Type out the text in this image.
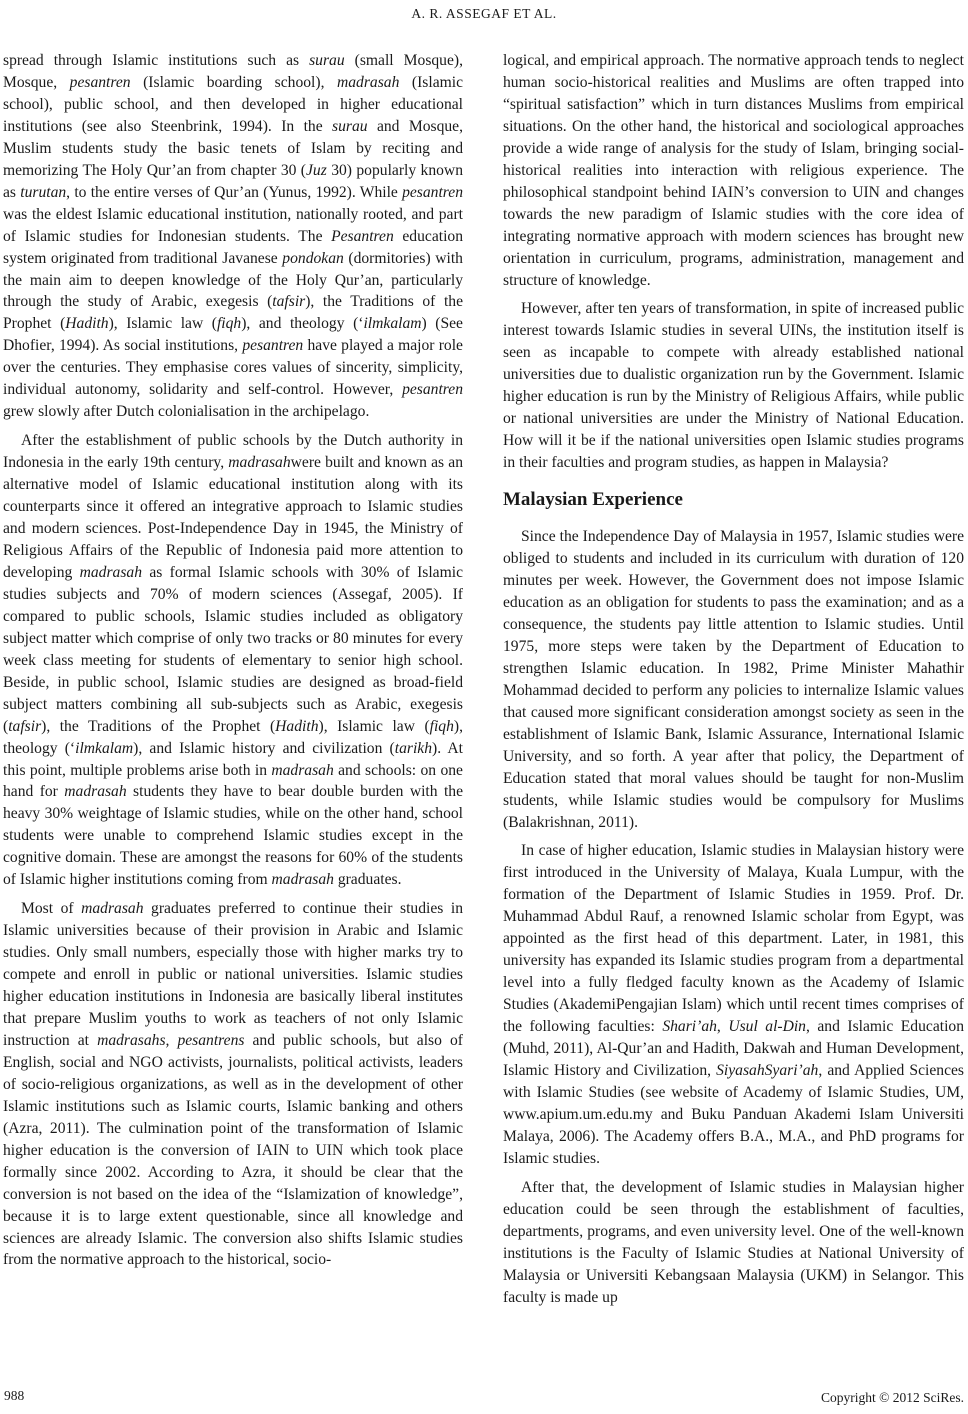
A. R. ASSEGAF ET AL.

spread through Islamic institutions such as surau (small Mosque), Mosque, pesantren (Islamic boarding school), madrasah (Islamic school), public school, and then developed in higher educational institutions (see also Steenbrink, 1994). In the surau and Mosque, Muslim students study the basic tenets of Islam by reciting and memorizing The Holy Qur’an from chapter 30 (Juz 30) popularly known as turutan, to the entire verses of Qur’an (Yunus, 1992). While pesantren was the eldest Islamic educational institution, nationally rooted, and part of Islamic studies for Indonesian students. The Pesantren education system originated from traditional Javanese pondokan (dormitories) with the main aim to deepen knowledge of the Holy Qur’an, particularly through the study of Arabic, exegesis (tafsir), the Traditions of the Prophet (Hadith), Islamic law (fiqh), and theology (‘ilmkalam) (See Dhofier, 1994). As social institutions, pesantren have played a major role over the centuries. They emphasise cores values of sincerity, simplicity, individual autonomy, solidarity and self-control. However, pesantren grew slowly after Dutch colonialisation in the archipelago.

After the establishment of public schools by the Dutch authority in Indonesia in the early 19th century, madrasahwere built and known as an alternative model of Islamic educational institution along with its counterparts since it offered an integrative approach to Islamic studies and modern sciences. Post-Independence Day in 1945, the Ministry of Religious Affairs of the Republic of Indonesia paid more attention to developing madrasah as formal Islamic schools with 30% of Islamic studies subjects and 70% of modern sciences (Assegaf, 2005). If compared to public schools, Islamic studies included as obligatory subject matter which comprise of only two tracks or 80 minutes for every week class meeting for students of elementary to senior high school. Beside, in public school, Islamic studies are designed as broad-field subject matters combining all sub-subjects such as Arabic, exegesis (tafsir), the Traditions of the Prophet (Hadith), Islamic law (fiqh), theology (‘ilmkalam), and Islamic history and civilization (tarikh). At this point, multiple problems arise both in madrasah and schools: on one hand for madrasah students they have to bear double burden with the heavy 30% weightage of Islamic studies, while on the other hand, school students were unable to comprehend Islamic studies except in the cognitive domain. These are amongst the reasons for 60% of the students of Islamic higher institutions coming from madrasah graduates.

Most of madrasah graduates preferred to continue their studies in Islamic universities because of their provision in Arabic and Islamic studies. Only small numbers, especially those with higher marks try to compete and enroll in public or national universities. Islamic studies higher education institutions in Indonesia are basically liberal institutes that prepare Muslim youths to work as teachers of not only Islamic instruction at madrasahs, pesantrens and public schools, but also of English, social and NGO activists, journalists, political activists, leaders of socio-religious organizations, as well as in the development of other Islamic institutions such as Islamic courts, Islamic banking and others (Azra, 2011). The culmination point of the transformation of Islamic higher education is the conversion of IAIN to UIN which took place formally since 2002. According to Azra, it should be clear that the conversion is not based on the idea of the “Islamization of knowledge”, because it is to large extent questionable, since all knowledge and sciences are already Islamic. The conversion also shifts Islamic studies from the normative approach to the historical, socio-

logical, and empirical approach. The normative approach tends to neglect human socio-historical realities and Muslims are often trapped into “spiritual satisfaction” which in turn distances Muslims from empirical situations. On the other hand, the historical and sociological approaches provide a wide range of analysis for the study of Islam, bringing social-historical realities into interaction with religious experience. The philosophical standpoint behind IAIN’s conversion to UIN and changes towards the new paradigm of Islamic studies with the core idea of integrating normative approach with modern sciences has brought new orientation in curriculum, programs, administration, management and structure of knowledge.

However, after ten years of transformation, in spite of increased public interest towards Islamic studies in several UINs, the institution itself is seen as incapable to compete with already established national universities due to dualistic organization run by the Government. Islamic higher education is run by the Ministry of Religious Affairs, while public or national universities are under the Ministry of National Education. How will it be if the national universities open Islamic studies programs in their faculties and program studies, as happen in Malaysia?

Malaysian Experience

Since the Independence Day of Malaysia in 1957, Islamic studies were obliged to students and included in its curriculum with duration of 120 minutes per week. However, the Government does not impose Islamic education as an obligation for students to pass the examination; and as a consequence, the students pay little attention to Islamic studies. Until 1975, more steps were taken by the Department of Education to strengthen Islamic education. In 1982, Prime Minister Mahathir Mohammad decided to perform any policies to internalize Islamic values that caused more significant consideration amongst society as seen in the establishment of Islamic Bank, Islamic Assurance, International Islamic University, and so forth. A year after that policy, the Department of Education stated that moral values should be taught for non-Muslim students, while Islamic studies would be compulsory for Muslims (Balakrishnan, 2011).

In case of higher education, Islamic studies in Malaysian history were first introduced in the University of Malaya, Kuala Lumpur, with the formation of the Department of Islamic Studies in 1959. Prof. Dr. Muhammad Abdul Rauf, a renowned Islamic scholar from Egypt, was appointed as the first head of this department. Later, in 1981, this university has expanded its Islamic studies program from a departmental level into a fully fledged faculty known as the Academy of Islamic Studies (AkademiPengajian Islam) which until recent times comprises of the following faculties: Shari’ah, Usul al-Din, and Islamic Education (Muhd, 2011), Al-Qur’an and Hadith, Dakwah and Human Development, Islamic History and Civilization, SiyasahSyari’ah, and Applied Sciences with Islamic Studies (see website of Academy of Islamic Studies, UM, www.apium.um.edu.my and Buku Panduan Akademi Islam Universiti Malaya, 2006). The Academy offers B.A., M.A., and PhD programs for Islamic studies.

After that, the development of Islamic studies in Malaysian higher education could be seen through the establishment of faculties, departments, programs, and even university level. One of the well-known institutions is the Faculty of Islamic Studies at National University of Malaysia or Universiti Kebangsaan Malaysia (UKM) in Selangor. This faculty is made up

988	Copyright © 2012 SciRes.
